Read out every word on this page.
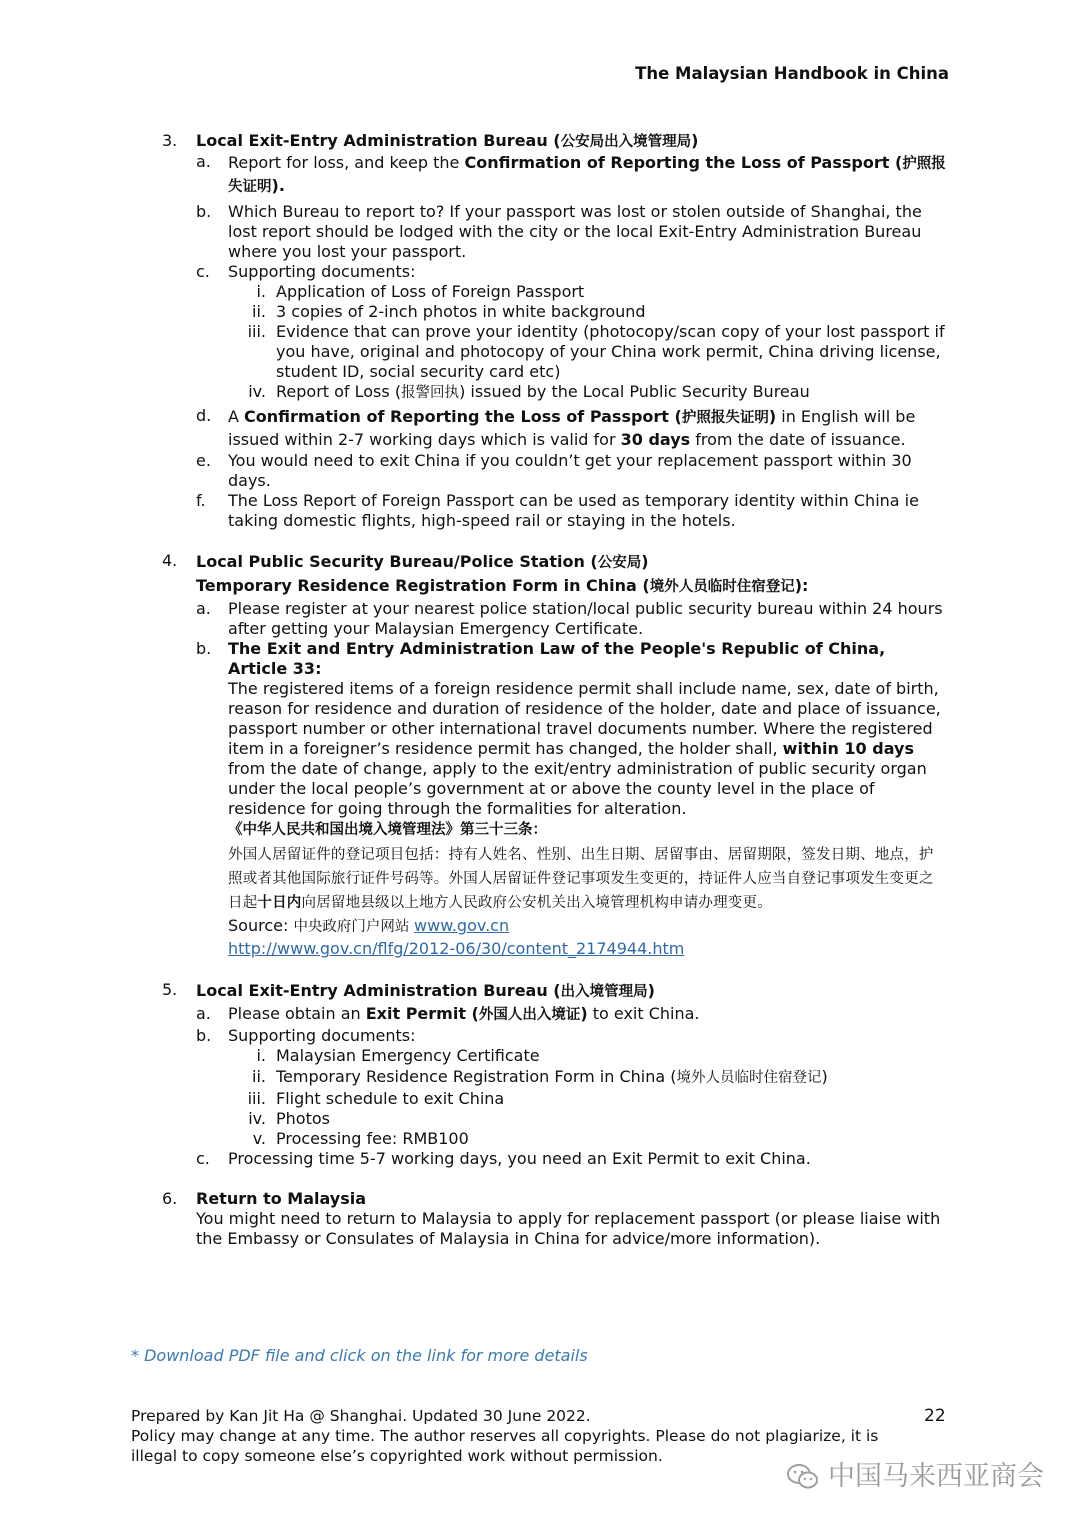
The Malaysian Handbook in China
3. Local Exit-Entry Administration Bureau (公安局出入境管理局)
a. Report for loss, and keep the Confirmation of Reporting the Loss of Passport (护照报失证明).
b. Which Bureau to report to? If your passport was lost or stolen outside of Shanghai, the lost report should be lodged with the city or the local Exit-Entry Administration Bureau where you lost your passport.
c. Supporting documents:
i. Application of Loss of Foreign Passport
ii. 3 copies of 2-inch photos in white background
iii. Evidence that can prove your identity (photocopy/scan copy of your lost passport if you have, original and photocopy of your China work permit, China driving license, student ID, social security card etc)
iv. Report of Loss (报警回执) issued by the Local Public Security Bureau
d. A Confirmation of Reporting the Loss of Passport (护照报失证明) in English will be issued within 2-7 working days which is valid for 30 days from the date of issuance.
e. You would need to exit China if you couldn’t get your replacement passport within 30 days.
f. The Loss Report of Foreign Passport can be used as temporary identity within China ie taking domestic flights, high-speed rail or staying in the hotels.
4. Local Public Security Bureau/Police Station (公安局)
Temporary Residence Registration Form in China (境外人员临时住宿登记):
a. Please register at your nearest police station/local public security bureau within 24 hours after getting your Malaysian Emergency Certificate.
b. The Exit and Entry Administration Law of the People's Republic of China, Article 33:
The registered items of a foreign residence permit shall include name, sex, date of birth, reason for residence and duration of residence of the holder, date and place of issuance, passport number or other international travel documents number. Where the registered item in a foreigner’s residence permit has changed, the holder shall, within 10 days from the date of change, apply to the exit/entry administration of public security organ under the local people’s government at or above the county level in the place of residence for going through the formalities for alteration.
《中华人民共和国出境入境管理法》第三十三条：
外国人居留证件的登记项目包括：持有人姓名、性别、出生日期、居留事由、居留期限，签发日期、地点，护照或者其他国际旅行证件号码等。外国人居留证件登记事项发生变更的，持证件人应当自登记事项发生变更之日起十日内向居留地县级以上地方人民政府公安机关出入境管理机构申请办理变更。
Source: 中央政府门户网站 www.gov.cn
http://www.gov.cn/flfg/2012-06/30/content_2174944.htm
5. Local Exit-Entry Administration Bureau (出入境管理局)
a. Please obtain an Exit Permit (外国人出入境证) to exit China.
b. Supporting documents:
i. Malaysian Emergency Certificate
ii. Temporary Residence Registration Form in China (境外人员临时住宿登记)
iii. Flight schedule to exit China
iv. Photos
v. Processing fee: RMB100
c. Processing time 5-7 working days, you need an Exit Permit to exit China.
6. Return to Malaysia
You might need to return to Malaysia to apply for replacement passport (or please liaise with the Embassy or Consulates of Malaysia in China for advice/more information).
* Download PDF file and click on the link for more details
Prepared by Kan Jit Ha @ Shanghai. Updated 30 June 2022.
Policy may change at any time. The author reserves all copyrights. Please do not plagiarize, it is illegal to copy someone else’s copyrighted work without permission.
22
中国马来西亚商会
